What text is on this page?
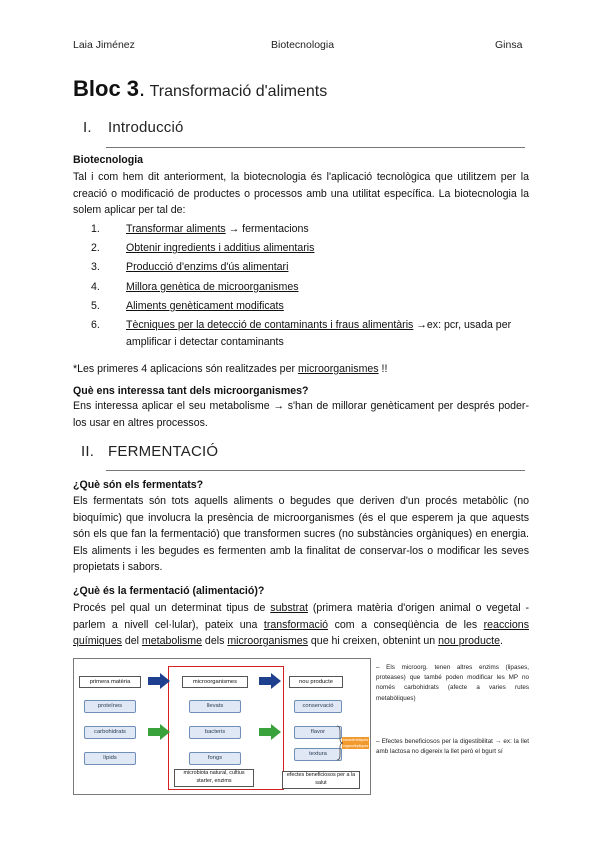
Laia Jiménez	Biotecnologia	Ginsa
Bloc 3. Transformació d'aliments
I. Introducció
Biotecnologia
Tal i com hem dit anteriorment, la biotecnologia és l'aplicació tecnològica que utilitzem per la creació o modificació de productes o processos amb una utilitat específica. La biotecnologia la solem aplicar per tal de:
1.	Transformar aliments → fermentacions
2.	Obtenir ingredients i additius alimentaris
3.	Producció d'enzims d'ús alimentari
4.	Millora genètica de microorganismes
5.	Aliments genèticament modificats
6.	Tècniques per la detecció de contaminants i fraus alimentàris →ex: pcr, usada per
amplificar i detectar contaminants
*Les primeres 4 aplicacions són realitzades per microorganismes !!
Què ens interessa tant dels microorganismes?
Ens interessa aplicar el seu metabolisme → s'han de millorar genèticament per després poder-los usar en altres processos.
II. FERMENTACIÓ
¿Què són els fermentats?
Els fermentats són tots aquells aliments o begudes que deriven d'un procés metabòlic (no bioquímic) que involucra la presència de microorganismes (és el que esperem ja que aquests són els que fan la fermentació) que transformen sucres (no substàncies orgàniques) en energia. Els aliments i les begudes es fermenten amb la finalitat de conservar-los o modificar les seves propietats i sabors.
¿Què és la fermentació (alimentació)?
Procés pel qual un determinat tipus de substrat (primera matèria d'origen animal o vegetal - parlem a nivell cel·lular), pateix una transformació com a conseqüència de les reaccions químiques del metabolisme dels microorganismes que hi creixen, obtenint un nou producte.
primera matèria
proteïnes
carbohidrats
lípids
microorganismes
llevats
bacteris
fongs
microbiota natural, cultius starter, enzims
nou producte
conservació
flavor
textura
efectes beneficiosos per a la salut
característiques organolèptiques
– Els microorg. tenen altres enzims (lipases, proteases) que també poden modificar les MP no només carbohidrats (afecte a varies rutes metabòliques)
– Efectes beneficiosos per la digestibilitat → ex: la llet amb lactosa no digereix la llet però el bgurt sí
